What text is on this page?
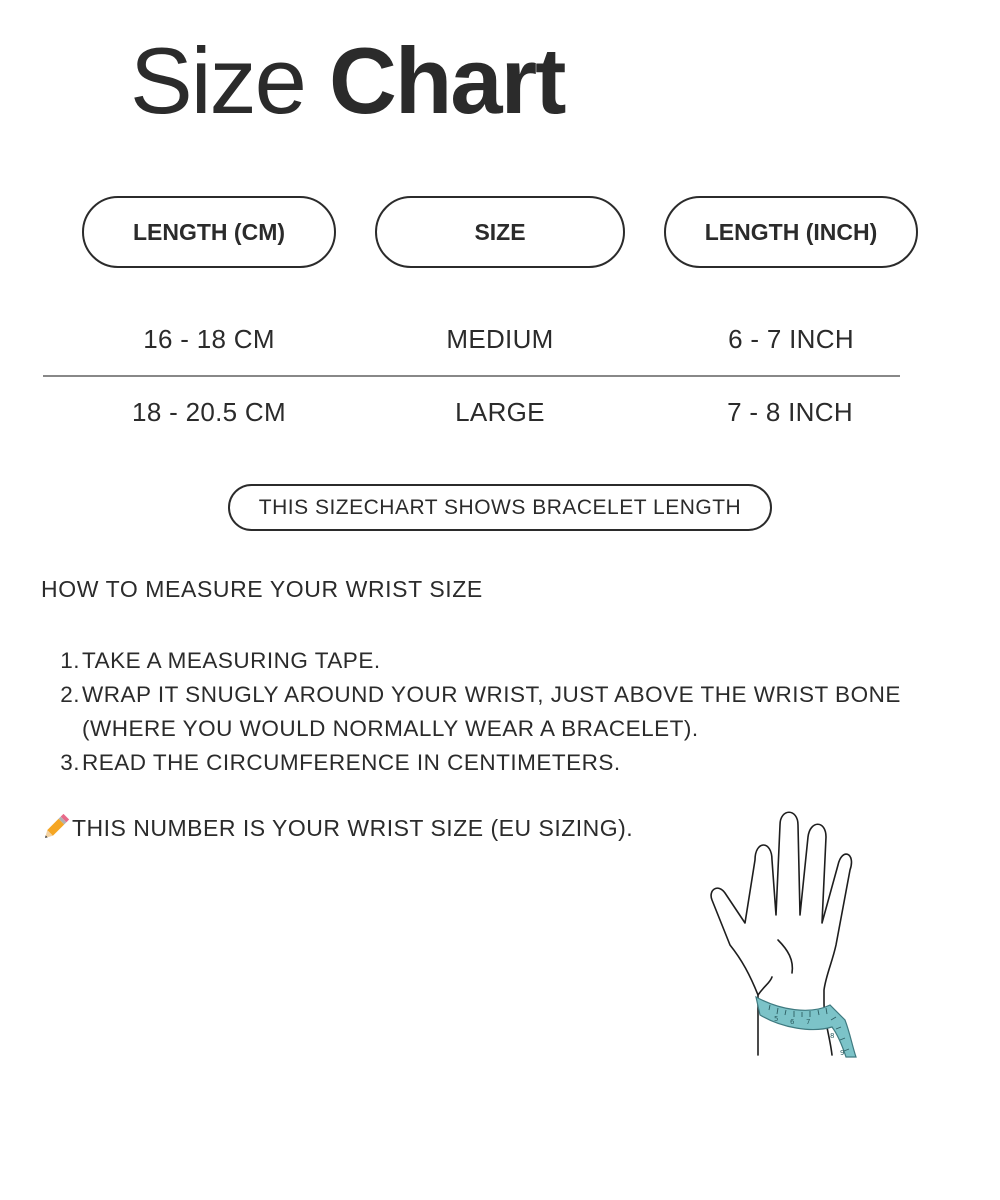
Size Chart
LENGTH (CM)	SIZE	LENGTH (INCH)
16 - 18 CM	MEDIUM	6 - 7 INCH
18 - 20.5 CM	LARGE	7 - 8 INCH
THIS SIZECHART SHOWS BRACELET LENGTH
HOW TO MEASURE YOUR WRIST SIZE
1. TAKE A MEASURING TAPE.
2. WRAP IT SNUGLY AROUND YOUR WRIST, JUST ABOVE THE WRIST BONE (WHERE YOU WOULD NORMALLY WEAR A BRACELET).
3. READ THE CIRCUMFERENCE IN CENTIMETERS.
THIS NUMBER IS YOUR WRIST SIZE (EU SIZING).
5 6 7
8
9
